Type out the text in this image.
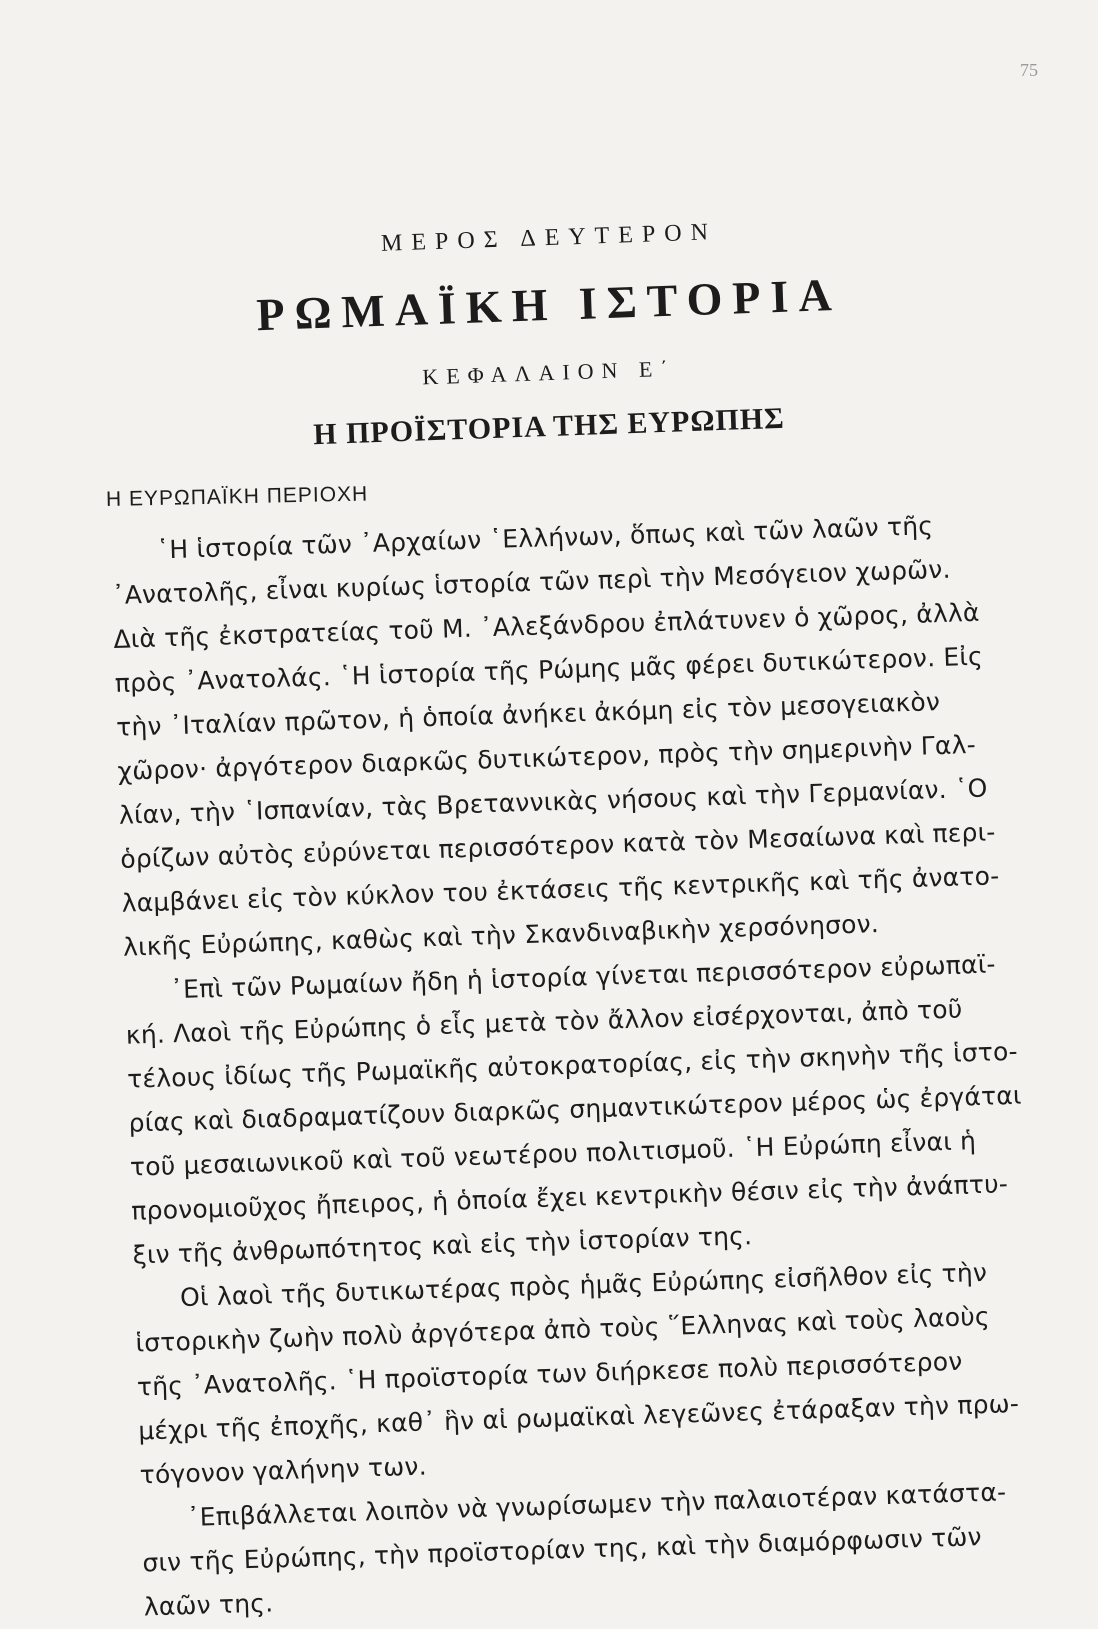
75
ΜΕΡΟΣ ΔΕΥΤΕΡΟΝ
ΡΩΜΑΪΚΗ ΙΣΤΟΡΙΑ
ΚΕΦΑΛΑΙΟΝ Ε΄
Η ΠΡΟΪΣΤΟΡΙΑ ΤΗΣ ΕΥΡΩΠΗΣ
Η ΕΥΡΩΠΑΪΚΗ ΠΕΡΙΟΧΗ
῾Η ἱστορία τῶν ᾿Αρχαίων ῾Ελλήνων, ὅπως καὶ τῶν λαῶν τῆς
᾿Ανατολῆς, εἶναι κυρίως ἱστορία τῶν περὶ τὴν Μεσόγειον χωρῶν.
Διὰ τῆς ἐκστρατείας τοῦ Μ. ᾿Αλεξάνδρου ἐπλάτυνεν ὁ χῶρος, ἀλλὰ
πρὸς ᾿Ανατολάς. ῾Η ἱστορία τῆς Ρώμης μᾶς φέρει δυτικώτερον. Εἰς
τὴν ᾿Ιταλίαν πρῶτον, ἡ ὁποία ἀνήκει ἀκόμη εἰς τὸν μεσογειακὸν
χῶρον· ἀργότερον διαρκῶς δυτικώτερον, πρὸς τὴν σημερινὴν Γαλ-
λίαν, τὴν ῾Ισπανίαν, τὰς Βρεταννικὰς νήσους καὶ τὴν Γερμανίαν. ῾Ο
ὁρίζων αὐτὸς εὐρύνεται περισσότερον κατὰ τὸν Μεσαίωνα καὶ περι-
λαμβάνει εἰς τὸν κύκλον του ἐκτάσεις τῆς κεντρικῆς καὶ τῆς ἀνατο-
λικῆς Εὐρώπης, καθὼς καὶ τὴν Σκανδιναβικὴν χερσόνησον.
᾿Επὶ τῶν Ρωμαίων ἤδη ἡ ἱστορία γίνεται περισσότερον εὐρωπαϊ-
κή. Λαοὶ τῆς Εὐρώπης ὁ εἷς μετὰ τὸν ἄλλον εἰσέρχονται, ἀπὸ τοῦ
τέλους ἰδίως τῆς Ρωμαϊκῆς αὐτοκρατορίας, εἰς τὴν σκηνὴν τῆς ἱστο-
ρίας καὶ διαδραματίζουν διαρκῶς σημαντικώτερον μέρος ὡς ἐργάται
τοῦ μεσαιωνικοῦ καὶ τοῦ νεωτέρου πολιτισμοῦ. ῾Η Εὐρώπη εἶναι ἡ
προνομιοῦχος ἤπειρος, ἡ ὁποία ἔχει κεντρικὴν θέσιν εἰς τὴν ἀνάπτυ-
ξιν τῆς ἀνθρωπότητος καὶ εἰς τὴν ἱστορίαν της.
Οἱ λαοὶ τῆς δυτικωτέρας πρὸς ἡμᾶς Εὐρώπης εἰσῆλθον εἰς τὴν
ἱστορικὴν ζωὴν πολὺ ἀργότερα ἀπὸ τοὺς ῞Ελληνας καὶ τοὺς λαοὺς
τῆς ᾿Ανατολῆς. ῾Η προϊστορία των διήρκεσε πολὺ περισσότερον
μέχρι τῆς ἐποχῆς, καθ᾿ ἣν αἱ ρωμαϊκαὶ λεγεῶνες ἐτάραξαν τὴν πρω-
τόγονον γαλήνην των.
᾿Επιβάλλεται λοιπὸν νὰ γνωρίσωμεν τὴν παλαιοτέραν κατάστα-
σιν τῆς Εὐρώπης, τὴν προϊστορίαν της, καὶ τὴν διαμόρφωσιν τῶν
λαῶν της.
